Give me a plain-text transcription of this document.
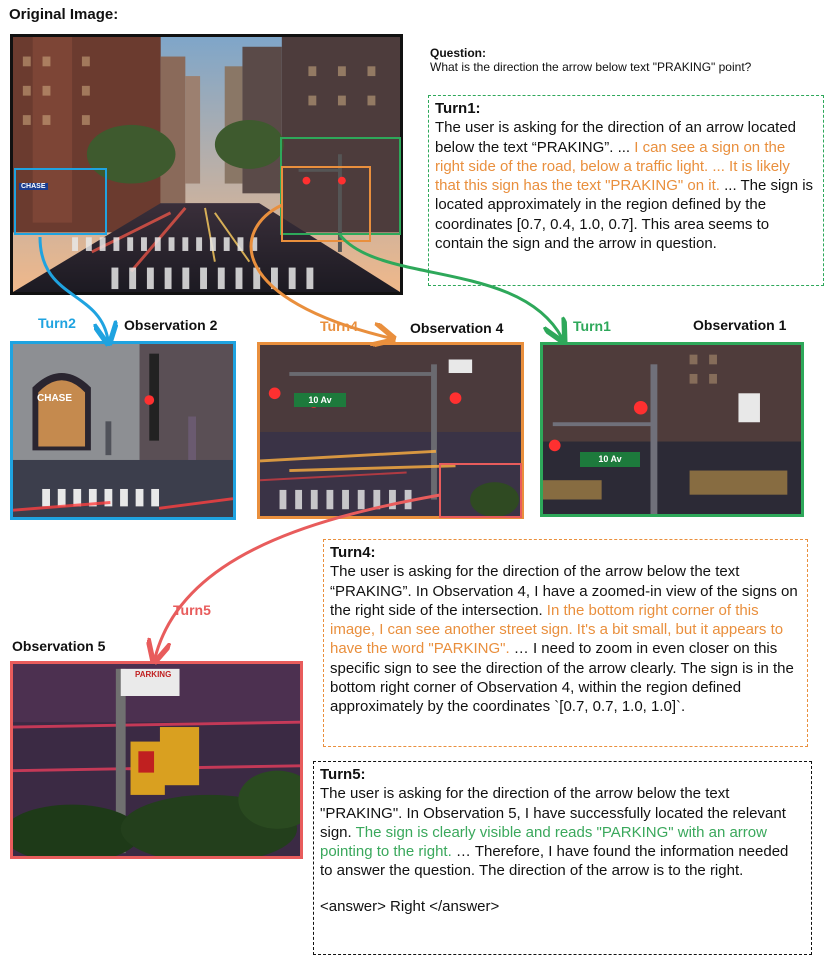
Original Image:
Question:
What is the direction the arrow below text "PRAKING" point?
CHASE
Turn1:
The user is asking for the direction of an arrow located below the text “PRAKING”. ... I can see a sign on the right side of the road, below a traffic light. ... It is likely that this sign has the text "PRAKING" on it. ... The sign is located approximately in the region defined by the coordinates [0.7, 0.4, 1.0, 0.7]. This area seems to contain the sign and the arrow in question.
Turn2	Observation 2	Turn4	Observation 4	Turn1	Observation 1
CHASE	10 Av
10 Av
Observation 5
PARKING
Turn5
Turn4:
The user is asking for the direction of the arrow below the text “PRAKING”. In Observation 4, I have a zoomed-in view of the signs on the right side of the intersection. In the bottom right corner of this image, I can see another street sign. It's a bit small, but it appears to have the word "PARKING". … I need to zoom in even closer on this specific sign to see the direction of the arrow clearly. The sign is in the bottom right corner of Observation 4, within the region defined approximately by the coordinates `[0.7, 0.7, 1.0, 1.0]`.
Turn5:
The user is asking for the direction of the arrow below the text "PRAKING". In Observation 5, I have successfully located the relevant sign. The sign is clearly visible and reads "PARKING" with an arrow pointing to the right. … Therefore, I have found the information needed to answer the question. The direction of the arrow is to the right.
<answer> Right </answer>
